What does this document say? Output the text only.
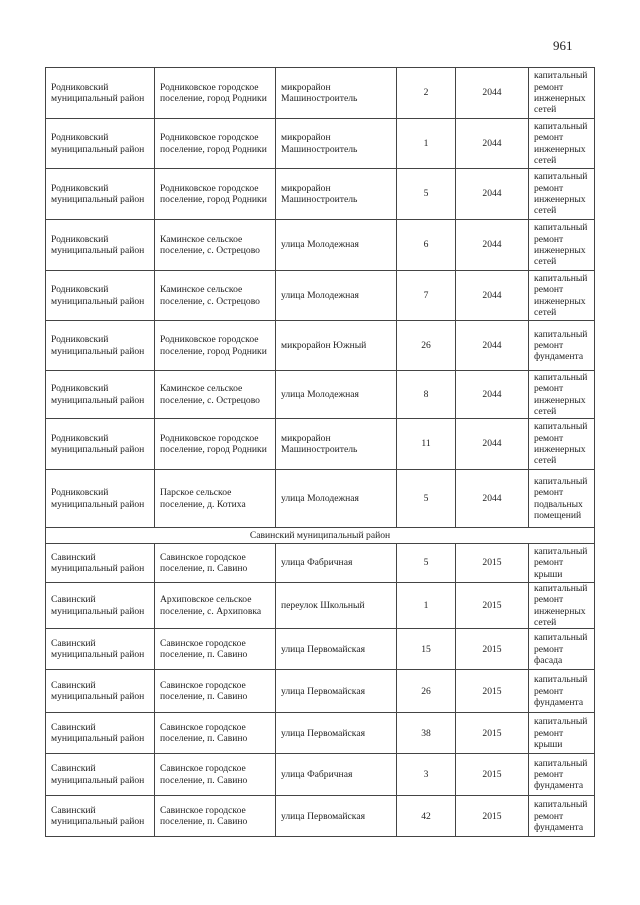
961
Родниковский муниципальный район	Родниковское городское поселение, город Родники	микрорайон Машиностроитель	2	2044	капитальный ремонт инженерных сетей
Родниковский муниципальный район	Родниковское городское поселение, город Родники	микрорайон Машиностроитель	1	2044	капитальный ремонт инженерных сетей
Родниковский муниципальный район	Родниковское городское поселение, город Родники	микрорайон Машиностроитель	5	2044	капитальный ремонт инженерных сетей
Родниковский муниципальный район	Каминское сельское поселение, с. Острецово	улица Молодежная	6	2044	капитальный ремонт инженерных сетей
Родниковский муниципальный район	Каминское сельское поселение, с. Острецово	улица Молодежная	7	2044	капитальный ремонт инженерных сетей
Родниковский муниципальный район	Родниковское городское поселение, город Родники	микрорайон Южный	26	2044	капитальный ремонт фундамента
Родниковский муниципальный район	Каминское сельское поселение, с. Острецово	улица Молодежная	8	2044	капитальный ремонт инженерных сетей
Родниковский муниципальный район	Родниковское городское поселение, город Родники	микрорайон Машиностроитель	11	2044	капитальный ремонт инженерных сетей
Родниковский муниципальный район	Парское сельское поселение, д. Котиха	улица Молодежная	5	2044	капитальный ремонт подвальных помещений
Савинский муниципальный район					
Савинский муниципальный район	Савинское городское поселение, п. Савино	улица Фабричная	5	2015	капитальный ремонт крыши
Савинский муниципальный район	Архиповское сельское поселение, с. Архиповка	переулок Школьный	1	2015	капитальный ремонт инженерных сетей
Савинский муниципальный район	Савинское городское поселение, п. Савино	улица Первомайская	15	2015	капитальный ремонт фасада
Савинский муниципальный район	Савинское городское поселение, п. Савино	улица Первомайская	26	2015	капитальный ремонт фундамента
Савинский муниципальный район	Савинское городское поселение, п. Савино	улица Первомайская	38	2015	капитальный ремонт крыши
Савинский муниципальный район	Савинское городское поселение, п. Савино	улица Фабричная	3	2015	капитальный ремонт фундамента
Савинский муниципальный район	Савинское городское поселение, п. Савино	улица Первомайская	42	2015	капитальный ремонт фундамента
